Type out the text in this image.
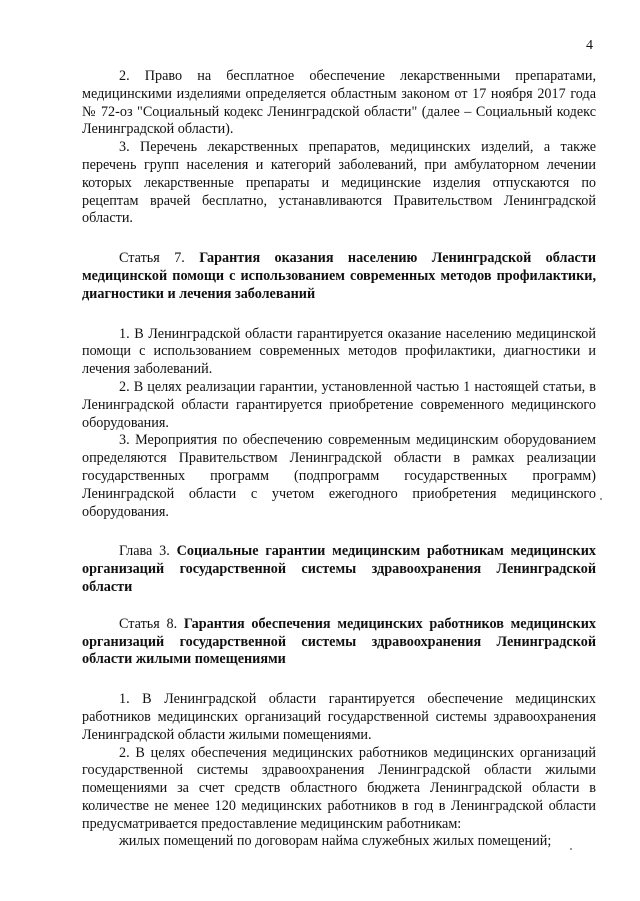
4

2. Право на бесплатное обеспечение лекарственными препаратами, медицинскими изделиями определяется областным законом от 17 ноября 2017 года № 72-оз "Социальный кодекс Ленинградской области" (далее – Социальный кодекс Ленинградской области).

3. Перечень лекарственных препаратов, медицинских изделий, а также перечень групп населения и категорий заболеваний, при амбулаторном лечении которых лекарственные препараты и медицинские изделия отпускаются по рецептам врачей бесплатно, устанавливаются Правительством Ленинградской области.

Статья 7. Гарантия оказания населению Ленинградской области медицинской помощи с использованием современных методов профилактики, диагностики и лечения заболеваний

1. В Ленинградской области гарантируется оказание населению медицинской помощи с использованием современных методов профилактики, диагностики и лечения заболеваний.

2. В целях реализации гарантии, установленной частью 1 настоящей статьи, в Ленинградской области гарантируется приобретение современного медицинского оборудования.

3. Мероприятия по обеспечению современным медицинским оборудованием определяются Правительством Ленинградской области в рамках реализации государственных программ (подпрограмм государственных программ) Ленинградской области с учетом ежегодного приобретения медицинского оборудования.

Глава 3. Социальные гарантии медицинским работникам медицинских организаций государственной системы здравоохранения Ленинградской области

Статья 8. Гарантия обеспечения медицинских работников медицинских организаций государственной системы здравоохранения Ленинградской области жилыми помещениями

1. В Ленинградской области гарантируется обеспечение медицинских работников медицинских организаций государственной системы здравоохранения Ленинградской области жилыми помещениями.

2. В целях обеспечения медицинских работников медицинских организаций государственной системы здравоохранения Ленинградской области жилыми помещениями за счет средств областного бюджета Ленинградской области в количестве не менее 120 медицинских работников в год в Ленинградской области предусматривается предоставление медицинским работникам:

жилых помещений по договорам найма служебных жилых помещений;
